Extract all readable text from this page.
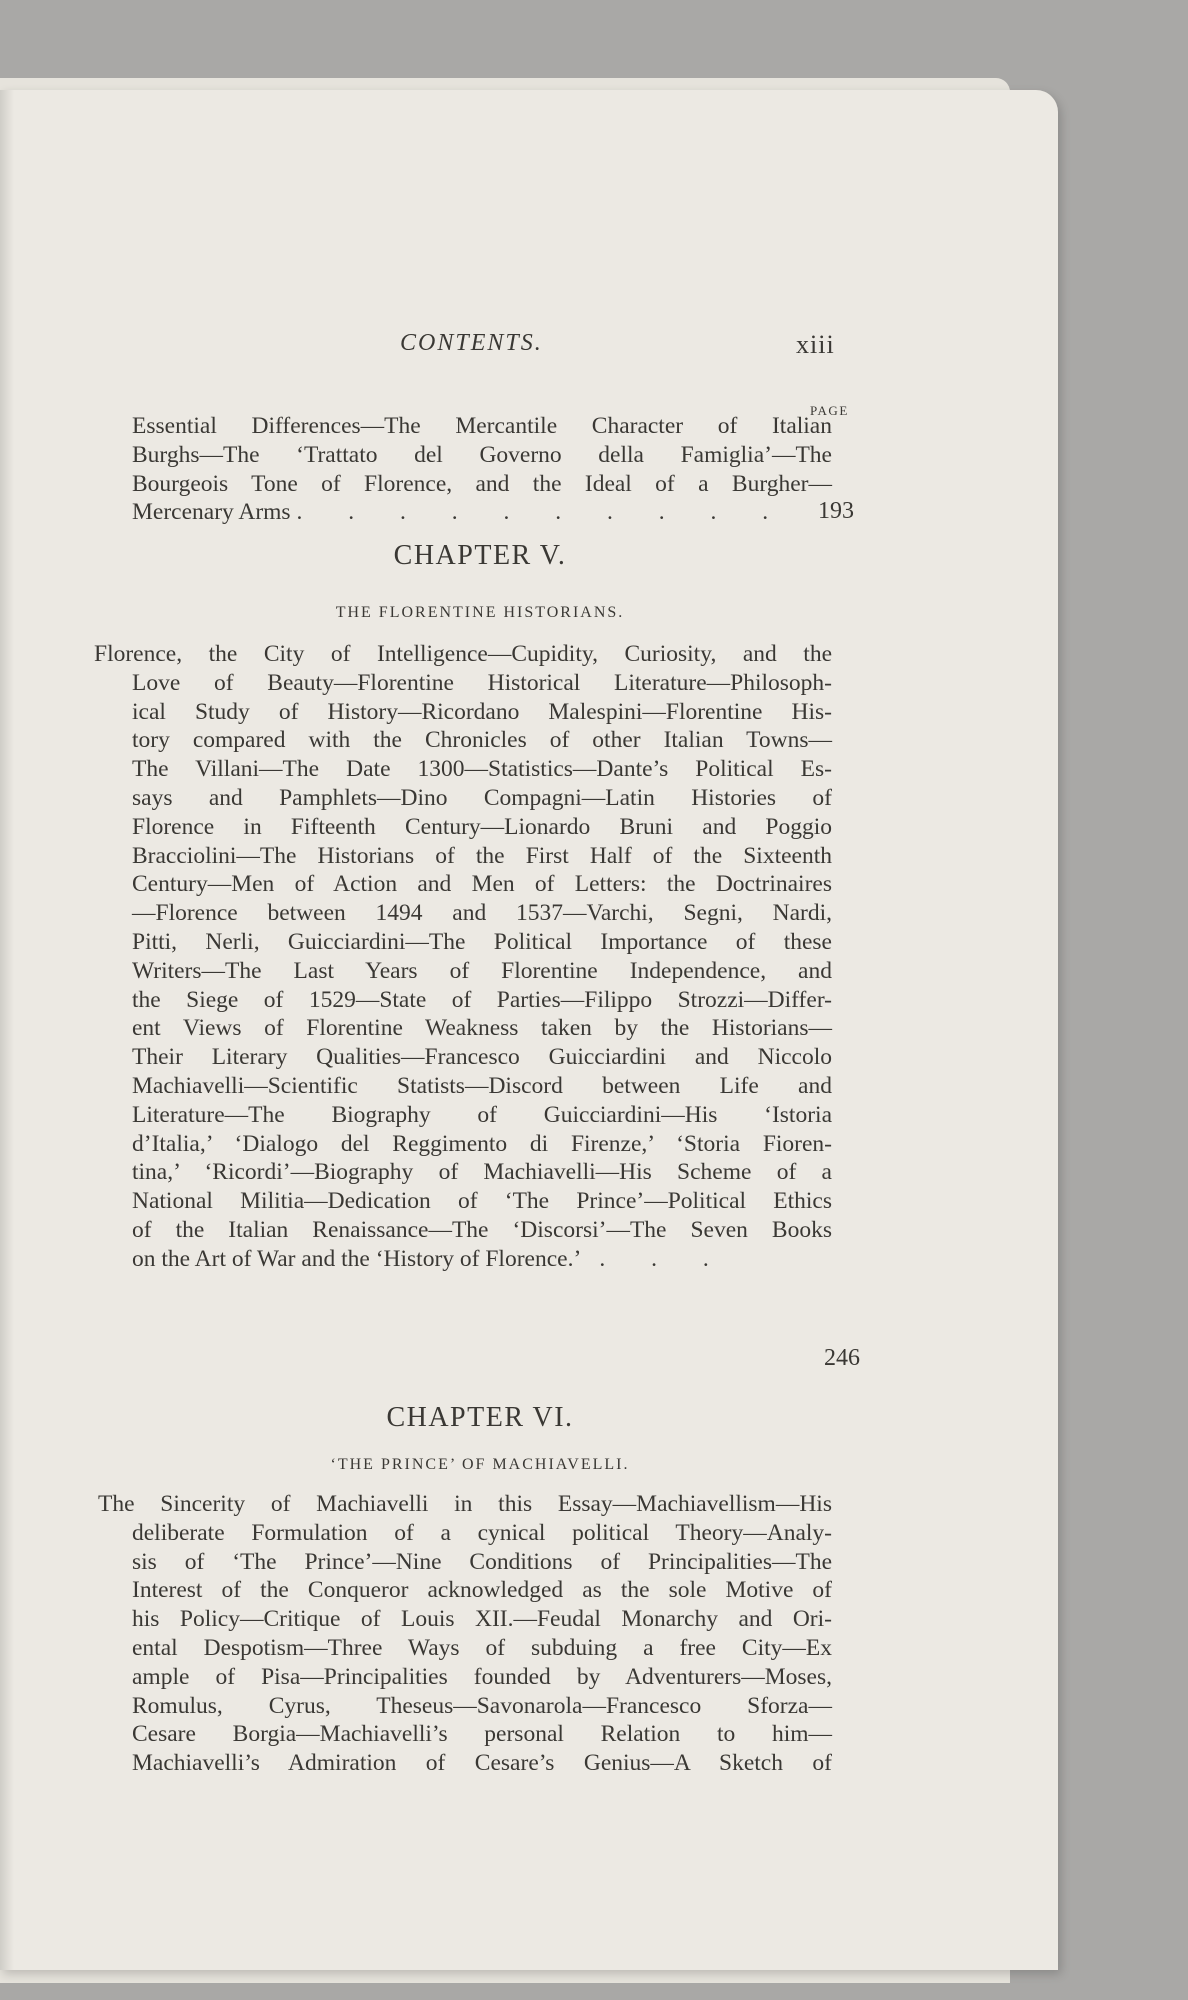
CONTENTS.	xiii
PAGE
Essential Differences—The Mercantile Character of Italian
Burghs—The ‘Trattato del Governo della Famiglia’—The
Bourgeois Tone of Florence, and the Ideal of a Burgher—
Mercenary Arms . . . . . . . . . .	193
CHAPTER V.
THE FLORENTINE HISTORIANS.
Florence, the City of Intelligence—Cupidity, Curiosity, and the
Love of Beauty—Florentine Historical Literature—Philosoph-
ical Study of History—Ricordano Malespini—Florentine His-
tory compared with the Chronicles of other Italian Towns—
The Villani—The Date 1300—Statistics—Dante’s Political Es-
says and Pamphlets—Dino Compagni—Latin Histories of
Florence in Fifteenth Century—Lionardo Bruni and Poggio
Bracciolini—The Historians of the First Half of the Sixteenth
Century—Men of Action and Men of Letters: the Doctrinaires
—Florence between 1494 and 1537—Varchi, Segni, Nardi,
Pitti, Nerli, Guicciardini—The Political Importance of these
Writers—The Last Years of Florentine Independence, and
the Siege of 1529—State of Parties—Filippo Strozzi—Differ-
ent Views of Florentine Weakness taken by the Historians—
Their Literary Qualities—Francesco Guicciardini and Niccolo
Machiavelli—Scientific Statists—Discord between Life and
Literature—The Biography of Guicciardini—His ‘Istoria
d’Italia,’ ‘Dialogo del Reggimento di Firenze,’ ‘Storia Fioren-
tina,’ ‘Ricordi’—Biography of Machiavelli—His Scheme of a
National Militia—Dedication of ‘The Prince’—Political Ethics
of the Italian Renaissance—The ‘Discorsi’—The Seven Books
on the Art of War and the ‘History of Florence.’ . . .
246
CHAPTER VI.
‘THE PRINCE’ OF MACHIAVELLI.
The Sincerity of Machiavelli in this Essay—Machiavellism—His
deliberate Formulation of a cynical political Theory—Analy-
sis of ‘The Prince’—Nine Conditions of Principalities—The
Interest of the Conqueror acknowledged as the sole Motive of
his Policy—Critique of Louis XII.—Feudal Monarchy and Ori-
ental Despotism—Three Ways of subduing a free City—Ex
ample of Pisa—Principalities founded by Adventurers—Moses,
Romulus, Cyrus, Theseus—Savonarola—Francesco Sforza—
Cesare Borgia—Machiavelli’s personal Relation to him—
Machiavelli’s Admiration of Cesare’s Genius—A Sketch of
